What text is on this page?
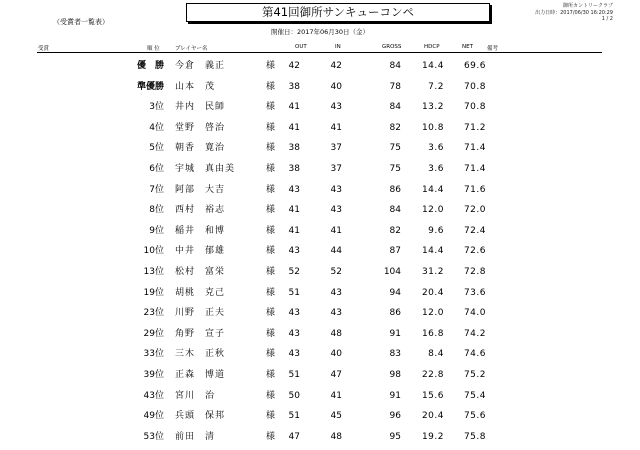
第41回御所サンキューコンペ
（受賞者一覧表）
御所カントリークラブ
出力日時：2017/06/30 16:20:29
1 / 2
開催日：2017年06月30日（金）
受賞	順 位	プレイヤー名	OUT	IN	GROSS	HDCP	NET	備考
優　勝 今倉　義正	様 42	42	84 14.4 69.6
準優勝 山本　茂	様 38	40	78	7.2 70.8
3位 井内　民師	様 41	43	84 13.2 70.8
4位 堂野　啓治	様 41	41	82 10.8 71.2
5位 朝香　寛治	様 38	37	75	3.6 71.4
6位 宇城　真由美	様 38	37	75	3.6 71.4
7位 阿部　大吉	様 43	43	86 14.4 71.6
8位 西村　裕志	様 41	43	84 12.0 72.0
9位 稲井　和博	様 41	41	82	9.6 72.4
10位 中井　郁雄	様 43	44	87 14.4 72.6
13位 松村　富栄	様 52	52	104 31.2 72.8
19位 胡桃　克己	様 51	43	94 20.4 73.6
23位 川野　正夫	様 43	43	86 12.0 74.0
29位 角野　宣子	様 43	48	91 16.8 74.2
33位 三木　正秋	様 43	40	83	8.4 74.6
39位 正森　博道	様 51	47	98 22.8 75.2
43位 宮川　治	様 50	41	91 15.6 75.4
49位 兵頭　保邦	様 51	45	96 20.4 75.6
53位 前田　清	様 47	48	95 19.2 75.8
